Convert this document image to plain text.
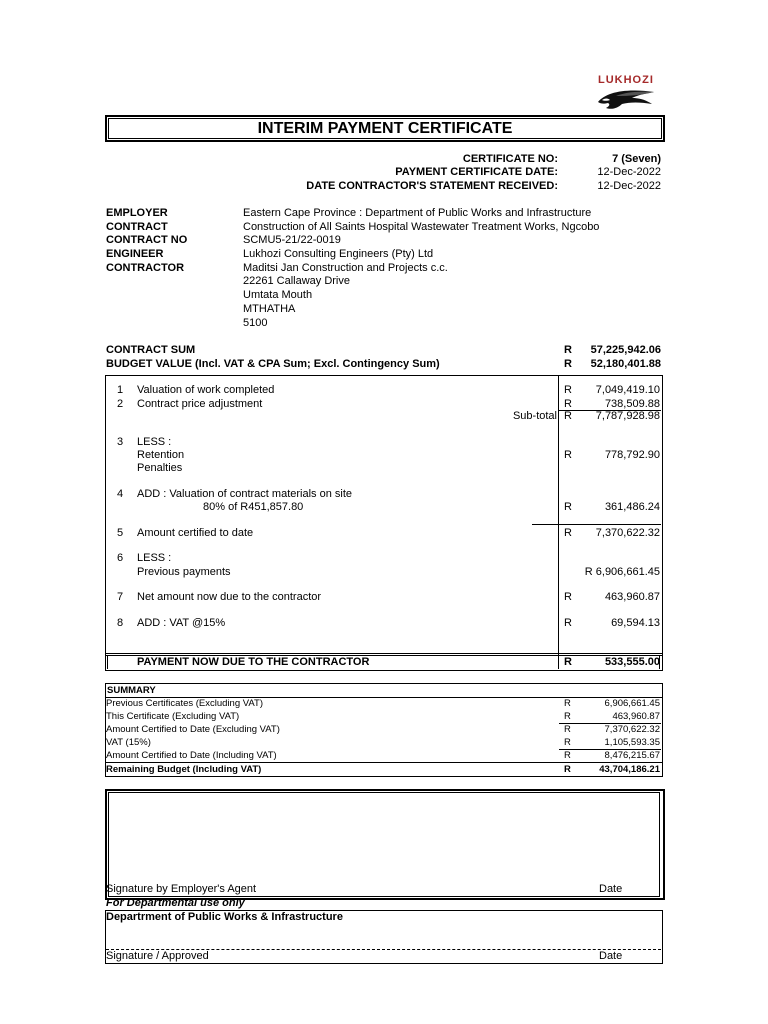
LUKHOZI
INTERIM PAYMENT CERTIFICATE
CERTIFICATE NO:	7 (Seven)
PAYMENT CERTIFICATE DATE:	12-Dec-2022
DATE CONTRACTOR'S STATEMENT RECEIVED:	12-Dec-2022
EMPLOYER	Eastern Cape Province : Department of Public Works and Infrastructure
CONTRACT	Construction of All Saints Hospital Wastewater Treatment Works, Ngcobo
CONTRACT NO	SCMU5-21/22-0019
ENGINEER	Lukhozi Consulting Engineers (Pty) Ltd
CONTRACTOR	Maditsi Jan Construction and Projects c.c.
22261 Callaway Drive
Umtata Mouth
MTHATHA
5100
CONTRACT SUM	R 57,225,942.06
BUDGET VALUE (Incl. VAT & CPA Sum; Excl. Contingency Sum)	R 52,180,401.88
1 Valuation of work completed	R 7,049,419.10
2 Contract price adjustment	R	738,509.88
Sub-total R 7,787,928.98
3 LESS :
Retention	R	778,792.90
Penalties
4 ADD : Valuation of contract materials on site
80% of R451,857.80	R	361,486.24
5 Amount certified to date	R 7,370,622.32
6 LESS :
Previous payments	R 6,906,661.45
7 Net amount now due to the contractor	R	463,960.87
8 ADD : VAT @15%	R	69,594.13
PAYMENT NOW DUE TO THE CONTRACTOR	R	533,555.00
SUMMARY
Previous Certificates (Excluding VAT)	R	6,906,661.45
This Certificate (Excluding VAT)	R	463,960.87
Amount Certified to Date (Excluding VAT)	R	7,370,622.32
VAT (15%)	R	1,105,593.35
Amount Certified to Date (Including VAT)	R	8,476,215.67
Remaining Budget (Including VAT)	R	43,704,186.21
Signature by Employer's Agent	Date
For Departmental use only
Departrment of Public Works & Infrastructure
Signature / Approved	Date
